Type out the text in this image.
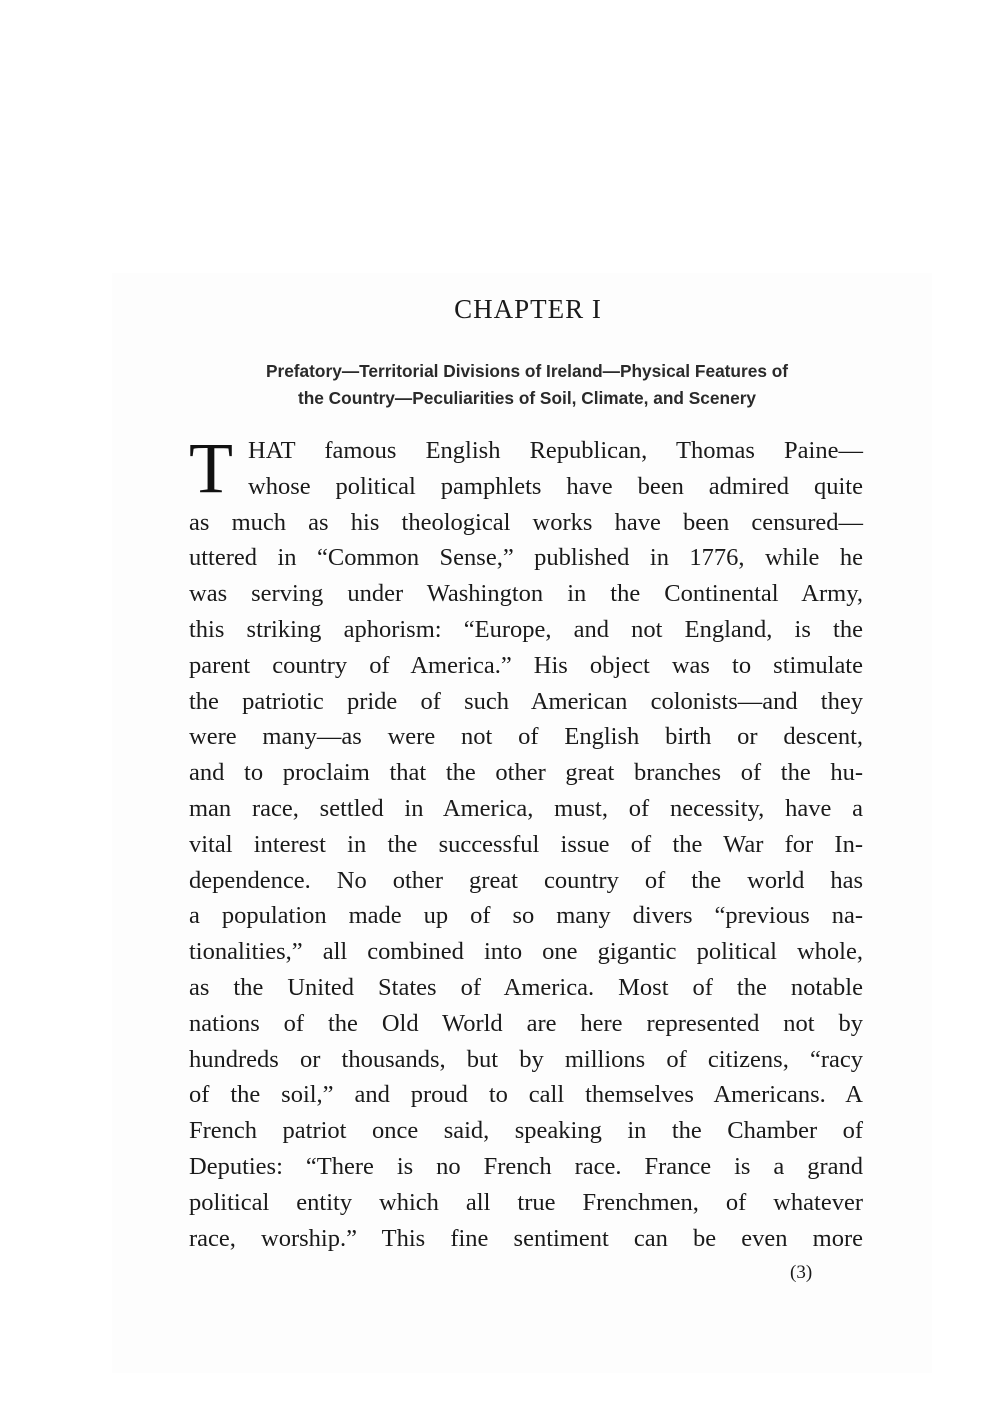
CHAPTER I
Prefatory—Territorial Divisions of Ireland—Physical Features of
the Country—Peculiarities of Soil, Climate, and Scenery
T HAT famous English Republican, Thomas Paine—
whose political pamphlets have been admired quite
as much as his theological works have been censured—
uttered in “Common Sense,” published in 1776, while he
was serving under Washington in the Continental Army,
this striking aphorism: “Europe, and not England, is the
parent country of America.” His object was to stimulate
the patriotic pride of such American colonists—and they
were many—as were not of English birth or descent,
and to proclaim that the other great branches of the hu-
man race, settled in America, must, of necessity, have a
vital interest in the successful issue of the War for In-
dependence. No other great country of the world has
a population made up of so many divers “previous na-
tionalities,” all combined into one gigantic political whole,
as the United States of America. Most of the notable
nations of the Old World are here represented not by
hundreds or thousands, but by millions of citizens, “racy
of the soil,” and proud to call themselves Americans. A
French patriot once said, speaking in the Chamber of
Deputies: “There is no French race. France is a grand
political entity which all true Frenchmen, of whatever
race, worship.” This fine sentiment can be even more
(3)
